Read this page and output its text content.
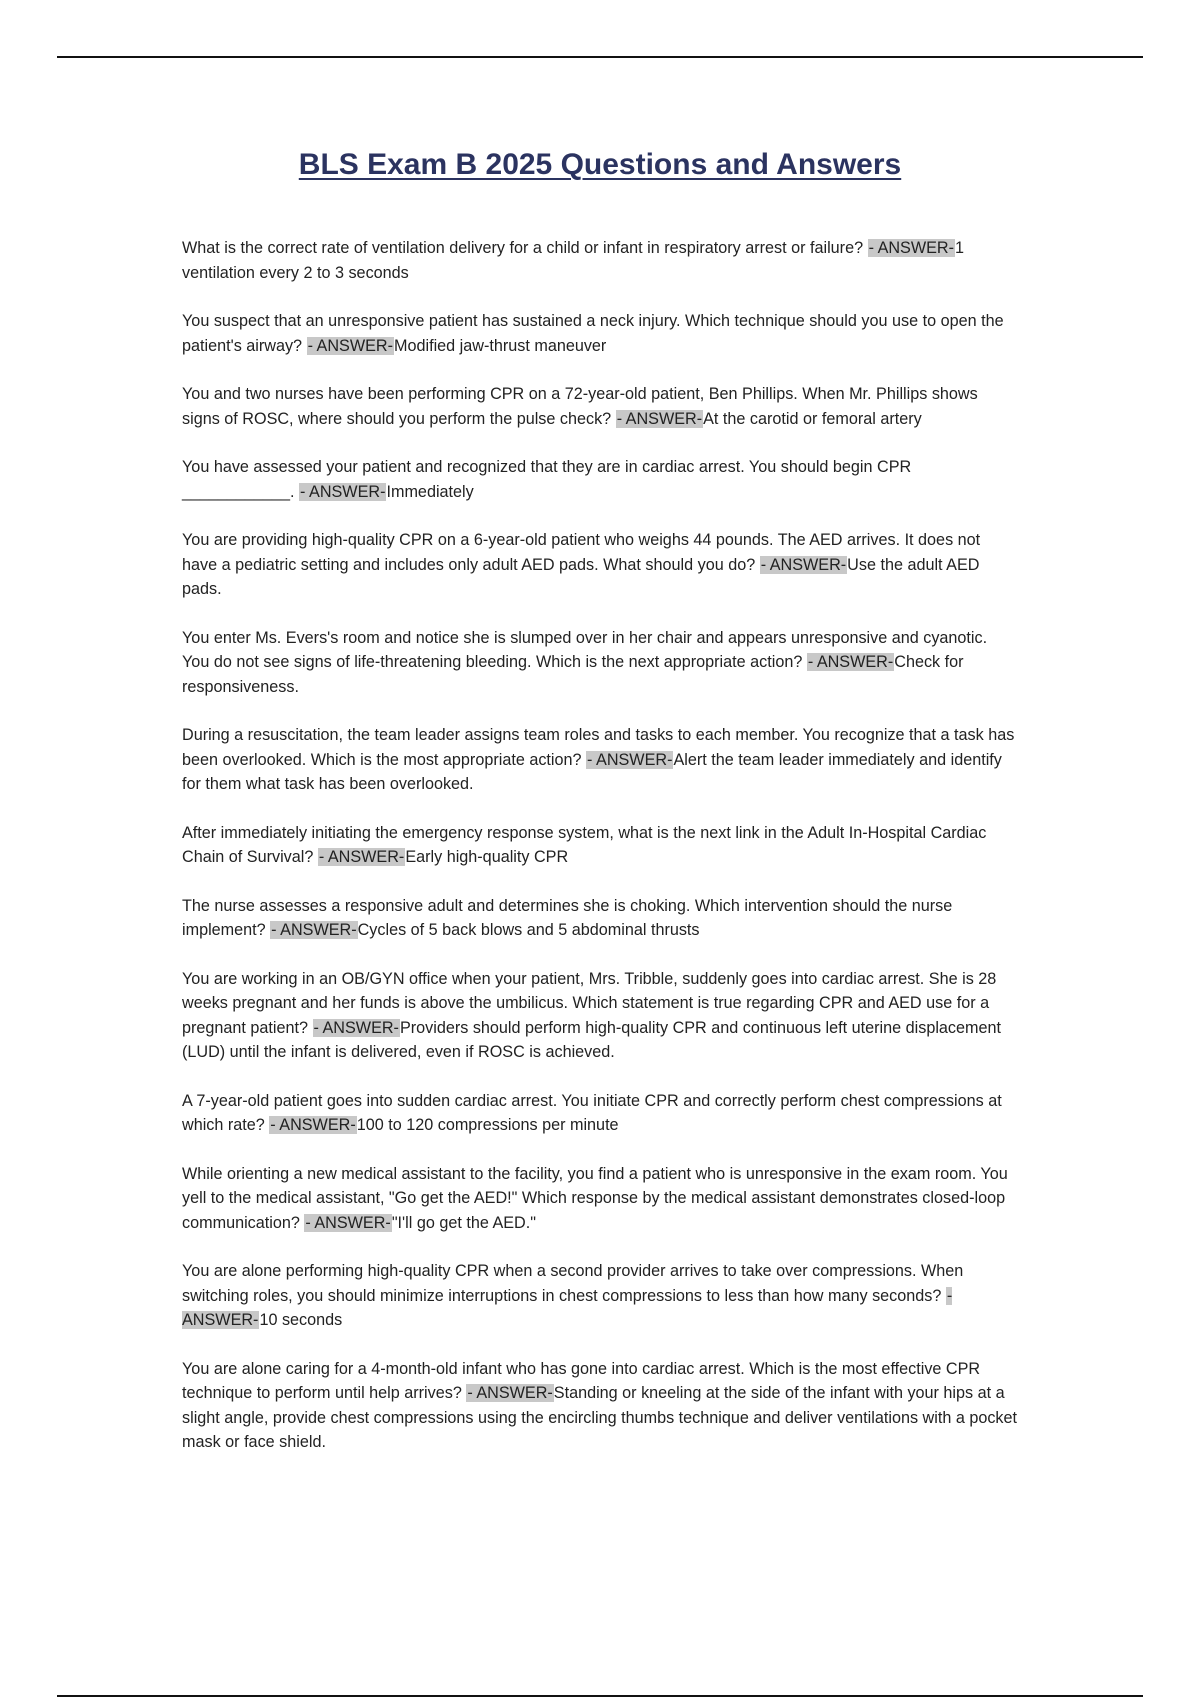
BLS Exam B 2025 Questions and Answers
What is the correct rate of ventilation delivery for a child or infant in respiratory arrest or failure? - ANSWER-1 ventilation every 2 to 3 seconds
You suspect that an unresponsive patient has sustained a neck injury. Which technique should you use to open the patient's airway? - ANSWER-Modified jaw-thrust maneuver
You and two nurses have been performing CPR on a 72-year-old patient, Ben Phillips. When Mr. Phillips shows signs of ROSC, where should you perform the pulse check? - ANSWER-At the carotid or femoral artery
You have assessed your patient and recognized that they are in cardiac arrest. You should begin CPR ____________. - ANSWER-Immediately
You are providing high-quality CPR on a 6-year-old patient who weighs 44 pounds. The AED arrives. It does not have a pediatric setting and includes only adult AED pads. What should you do? - ANSWER-Use the adult AED pads.
You enter Ms. Evers's room and notice she is slumped over in her chair and appears unresponsive and cyanotic. You do not see signs of life-threatening bleeding. Which is the next appropriate action? - ANSWER-Check for responsiveness.
During a resuscitation, the team leader assigns team roles and tasks to each member. You recognize that a task has been overlooked. Which is the most appropriate action? - ANSWER-Alert the team leader immediately and identify for them what task has been overlooked.
After immediately initiating the emergency response system, what is the next link in the Adult In-Hospital Cardiac Chain of Survival? - ANSWER-Early high-quality CPR
The nurse assesses a responsive adult and determines she is choking. Which intervention should the nurse implement? - ANSWER-Cycles of 5 back blows and 5 abdominal thrusts
You are working in an OB/GYN office when your patient, Mrs. Tribble, suddenly goes into cardiac arrest. She is 28 weeks pregnant and her funds is above the umbilicus. Which statement is true regarding CPR and AED use for a pregnant patient? - ANSWER-Providers should perform high-quality CPR and continuous left uterine displacement (LUD) until the infant is delivered, even if ROSC is achieved.
A 7-year-old patient goes into sudden cardiac arrest. You initiate CPR and correctly perform chest compressions at which rate? - ANSWER-100 to 120 compressions per minute
While orienting a new medical assistant to the facility, you find a patient who is unresponsive in the exam room. You yell to the medical assistant, "Go get the AED!" Which response by the medical assistant demonstrates closed-loop communication? - ANSWER-"I'll go get the AED."
You are alone performing high-quality CPR when a second provider arrives to take over compressions. When switching roles, you should minimize interruptions in chest compressions to less than how many seconds? - ANSWER-10 seconds
You are alone caring for a 4-month-old infant who has gone into cardiac arrest. Which is the most effective CPR technique to perform until help arrives? - ANSWER-Standing or kneeling at the side of the infant with your hips at a slight angle, provide chest compressions using the encircling thumbs technique and deliver ventilations with a pocket mask or face shield.
